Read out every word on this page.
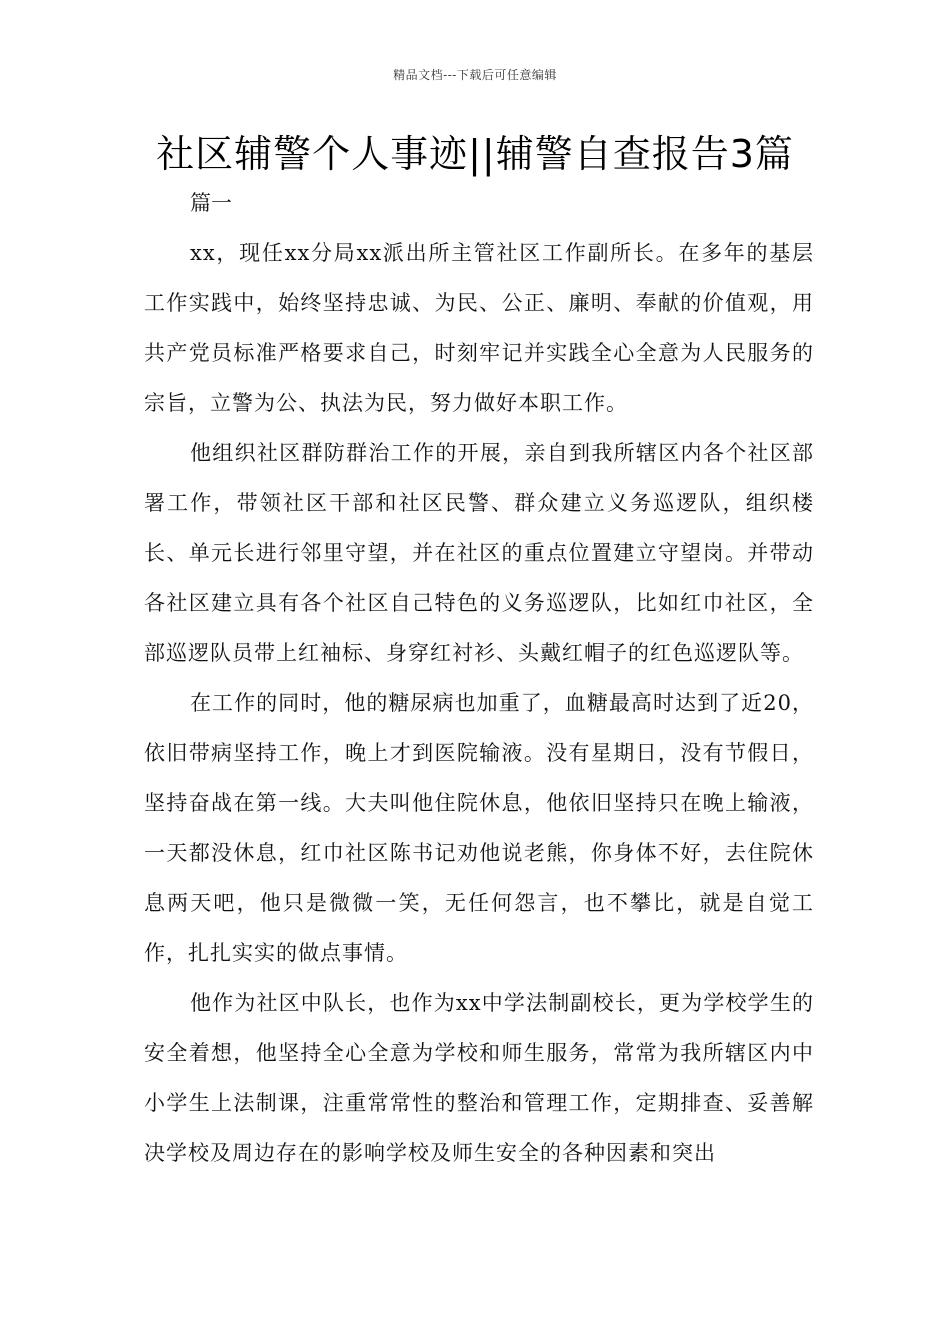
精品文档---下载后可任意编辑
社区辅警个人事迹||辅警自查报告3篇

篇一

xx，现任xx分局xx派出所主管社区工作副所长。在多年的基层工作实践中，始终坚持忠诚、为民、公正、廉明、奉献的价值观，用共产党员标准严格要求自己，时刻牢记并实践全心全意为人民服务的宗旨，立警为公、执法为民，努力做好本职工作。

他组织社区群防群治工作的开展，亲自到我所辖区内各个社区部署工作，带领社区干部和社区民警、群众建立义务巡逻队，组织楼长、单元长进行邻里守望，并在社区的重点位置建立守望岗。并带动各社区建立具有各个社区自己特色的义务巡逻队，比如红巾社区，全部巡逻队员带上红袖标、身穿红衬衫、头戴红帽子的红色巡逻队等。

在工作的同时，他的糖尿病也加重了，血糖最高时达到了近20，依旧带病坚持工作，晚上才到医院输液。没有星期日，没有节假日，坚持奋战在第一线。大夫叫他住院休息，他依旧坚持只在晚上输液，一天都没休息，红巾社区陈书记劝他说老熊，你身体不好，去住院休息两天吧，他只是微微一笑，无任何怨言，也不攀比，就是自觉工作，扎扎实实的做点事情。

他作为社区中队长，也作为xx中学法制副校长，更为学校学生的安全着想，他坚持全心全意为学校和师生服务，常常为我所辖区内中小学生上法制课，注重常常性的整治和管理工作，定期排查、妥善解决学校及周边存在的影响学校及师生安全的各种因素和突出
